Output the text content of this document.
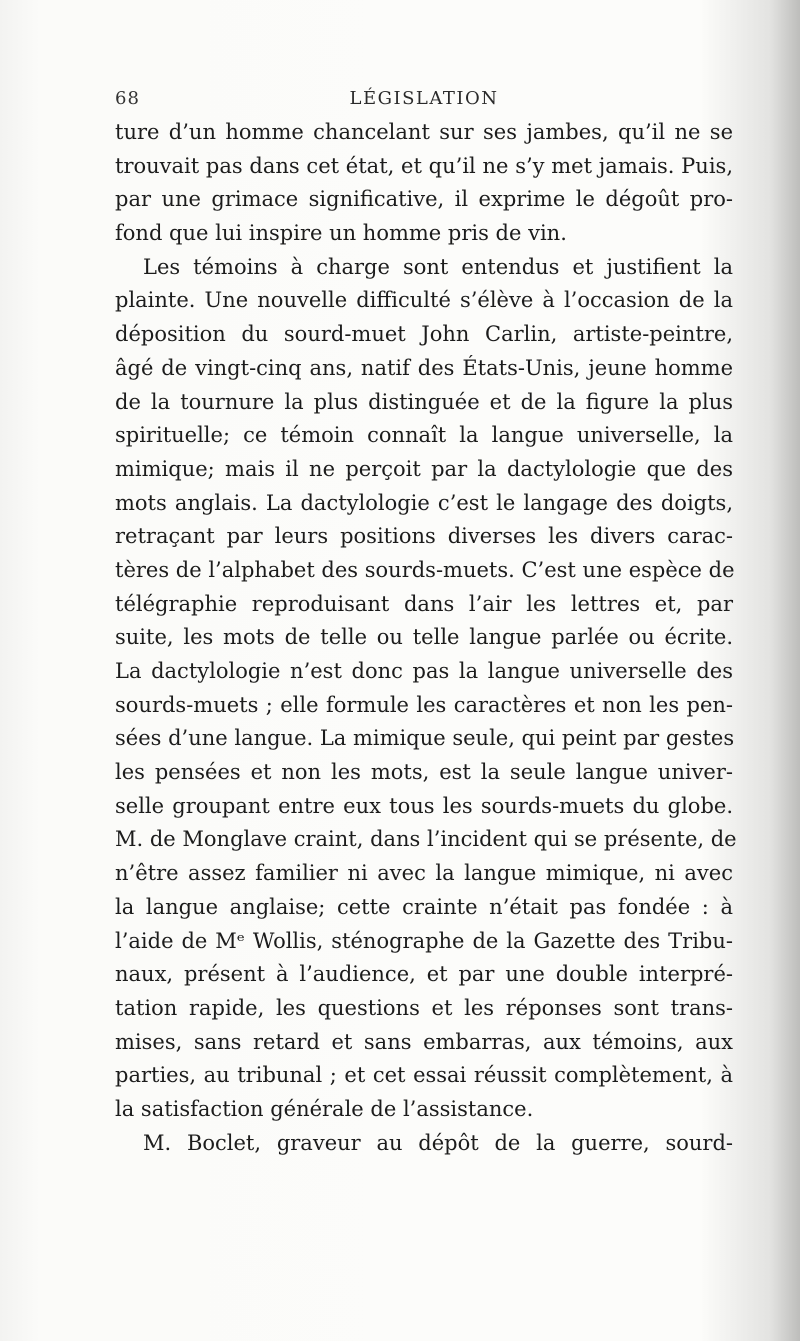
68	LÉGISLATION
ture d’un homme chancelant sur ses jambes, qu’il ne se
trouvait pas dans cet état, et qu’il ne s’y met jamais. Puis,
par une grimace significative, il exprime le dégoût pro-
fond que lui inspire un homme pris de vin.
Les témoins à charge sont entendus et justifient la
plainte. Une nouvelle difficulté s’élève à l’occasion de la
déposition du sourd-muet John Carlin, artiste-peintre,
âgé de vingt-cinq ans, natif des États-Unis, jeune homme
de la tournure la plus distinguée et de la figure la plus
spirituelle; ce témoin connaît la langue universelle, la
mimique; mais il ne perçoit par la dactylologie que des
mots anglais. La dactylologie c’est le langage des doigts,
retraçant par leurs positions diverses les divers carac-
tères de l’alphabet des sourds-muets. C’est une espèce de
télégraphie reproduisant dans l’air les lettres et, par
suite, les mots de telle ou telle langue parlée ou écrite.
La dactylologie n’est donc pas la langue universelle des
sourds-muets ; elle formule les caractères et non les pen-
sées d’une langue. La mimique seule, qui peint par gestes
les pensées et non les mots, est la seule langue univer-
selle groupant entre eux tous les sourds-muets du globe.
M. de Monglave craint, dans l’incident qui se présente, de
n’être assez familier ni avec la langue mimique, ni avec
la langue anglaise; cette crainte n’était pas fondée : à
l’aide de Mᵉ Wollis, sténographe de la Gazette des Tribu-
naux, présent à l’audience, et par une double interpré-
tation rapide, les questions et les réponses sont trans-
mises, sans retard et sans embarras, aux témoins, aux
parties, au tribunal ; et cet essai réussit complètement, à
la satisfaction générale de l’assistance.
M. Boclet, graveur au dépôt de la guerre, sourd-
